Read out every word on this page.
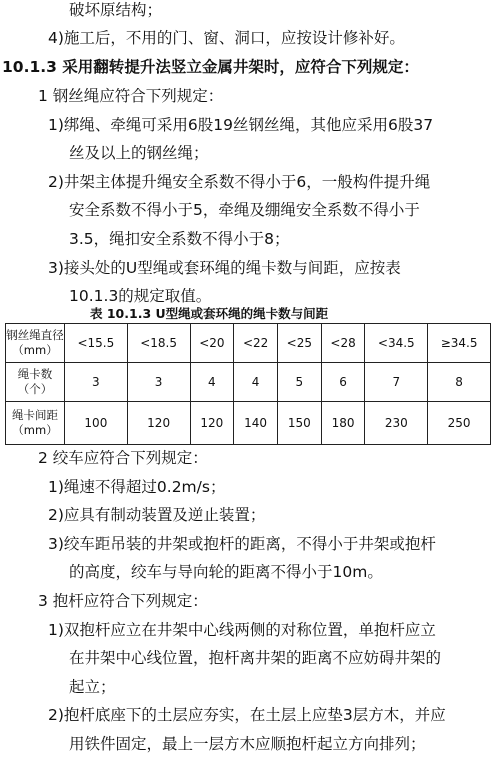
破坏原结构；
4)施工后，不用的门、窗、洞口，应按设计修补好。
10.1.3 采用翻转提升法竖立金属井架时，应符合下列规定：
1 钢丝绳应符合下列规定：
1)绑绳、牵绳可采用6股19丝钢丝绳，其他应采用6股37
丝及以上的钢丝绳；
2)井架主体提升绳安全系数不得小于6，一般构件提升绳
安全系数不得小于5，牵绳及绷绳安全系数不得小于
3.5，绳扣安全系数不得小于8；
3)接头处的U型绳或套环绳的绳卡数与间距，应按表
10.1.3的规定取值。
表 10.1.3 U型绳或套环绳的绳卡数与间距
钢丝绳直径（mm）	<15.5	<18.5	<20	<22	<25	<28	<34.5	≥34.5
绳卡数（个）	3	3	4	4	5	6	7	8
绳卡间距（mm）	100	120	120	140	150	180	230	250
2 绞车应符合下列规定：
1)绳速不得超过0.2m/s；
2)应具有制动装置及逆止装置；
3)绞车距吊装的井架或抱杆的距离，不得小于井架或抱杆
的高度，绞车与导向轮的距离不得小于10m。
3 抱杆应符合下列规定：
1)双抱杆应立在井架中心线两侧的对称位置，单抱杆应立
在井架中心线位置，抱杆离井架的距离不应妨碍井架的
起立；
2)抱杆底座下的土层应夯实，在土层上应垫3层方木，并应
用铁件固定，最上一层方木应顺抱杆起立方向排列；
